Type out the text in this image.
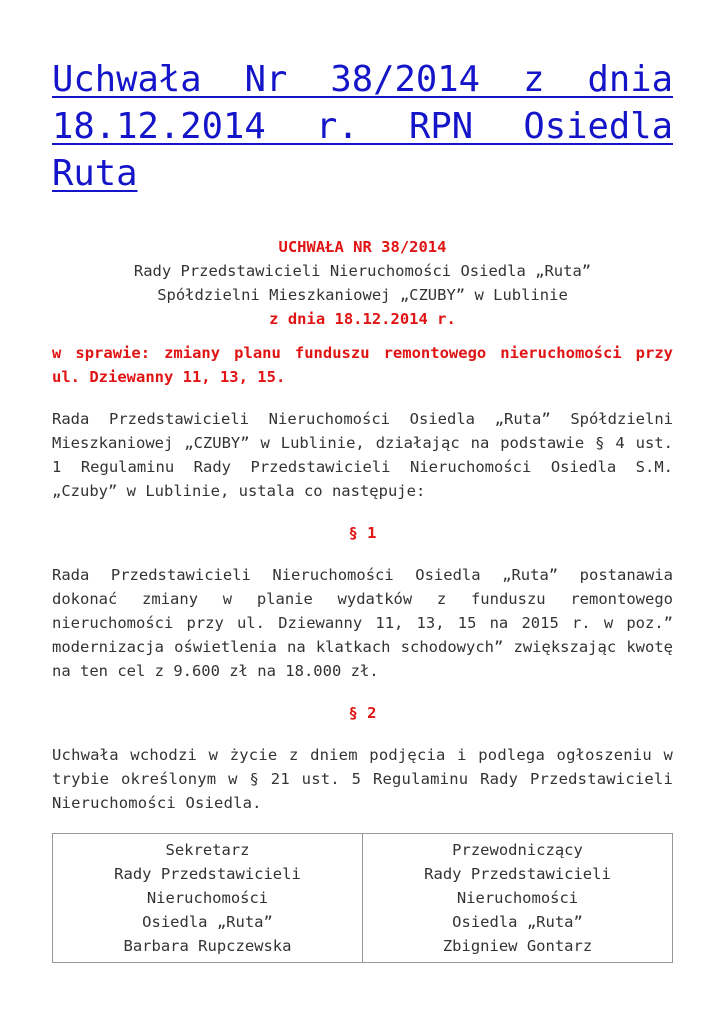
Uchwała Nr 38/2014 z dnia 18.12.2014 r. RPN Osiedla Ruta
UCHWAŁA NR 38/2014
Rady Przedstawicieli Nieruchomości Osiedla „Ruta”
Spółdzielni Mieszkaniowej „CZUBY” w Lublinie
z dnia 18.12.2014 r.

w sprawie: zmiany planu funduszu remontowego nieruchomości przy ul. Dziewanny 11, 13, 15.

Rada Przedstawicieli Nieruchomości Osiedla „Ruta” Spółdzielni Mieszkaniowej „CZUBY” w Lublinie, działając na podstawie § 4 ust. 1 Regulaminu Rady Przedstawicieli Nieruchomości Osiedla S.M. „Czuby” w Lublinie, ustala co następuje:

§ 1

Rada Przedstawicieli Nieruchomości Osiedla „Ruta” postanawia dokonać zmiany w planie wydatków z funduszu remontowego nieruchomości przy ul. Dziewanny 11, 13, 15 na 2015 r. w poz.” modernizacja oświetlenia na klatkach schodowych” zwiększając kwotę na ten cel z 9.600 zł na 18.000 zł.

§ 2

Uchwała wchodzi w życie z dniem podjęcia i podlega ogłoszeniu w trybie określonym w § 21 ust. 5 Regulaminu Rady Przedstawicieli Nieruchomości Osiedla.

Sekretarz
Rady Przedstawicieli
Nieruchomości
Osiedla „Ruta”
Barbara Rupczewska

Przewodniczący
Rady Przedstawicieli
Nieruchomości
Osiedla „Ruta”
Zbigniew Gontarz
